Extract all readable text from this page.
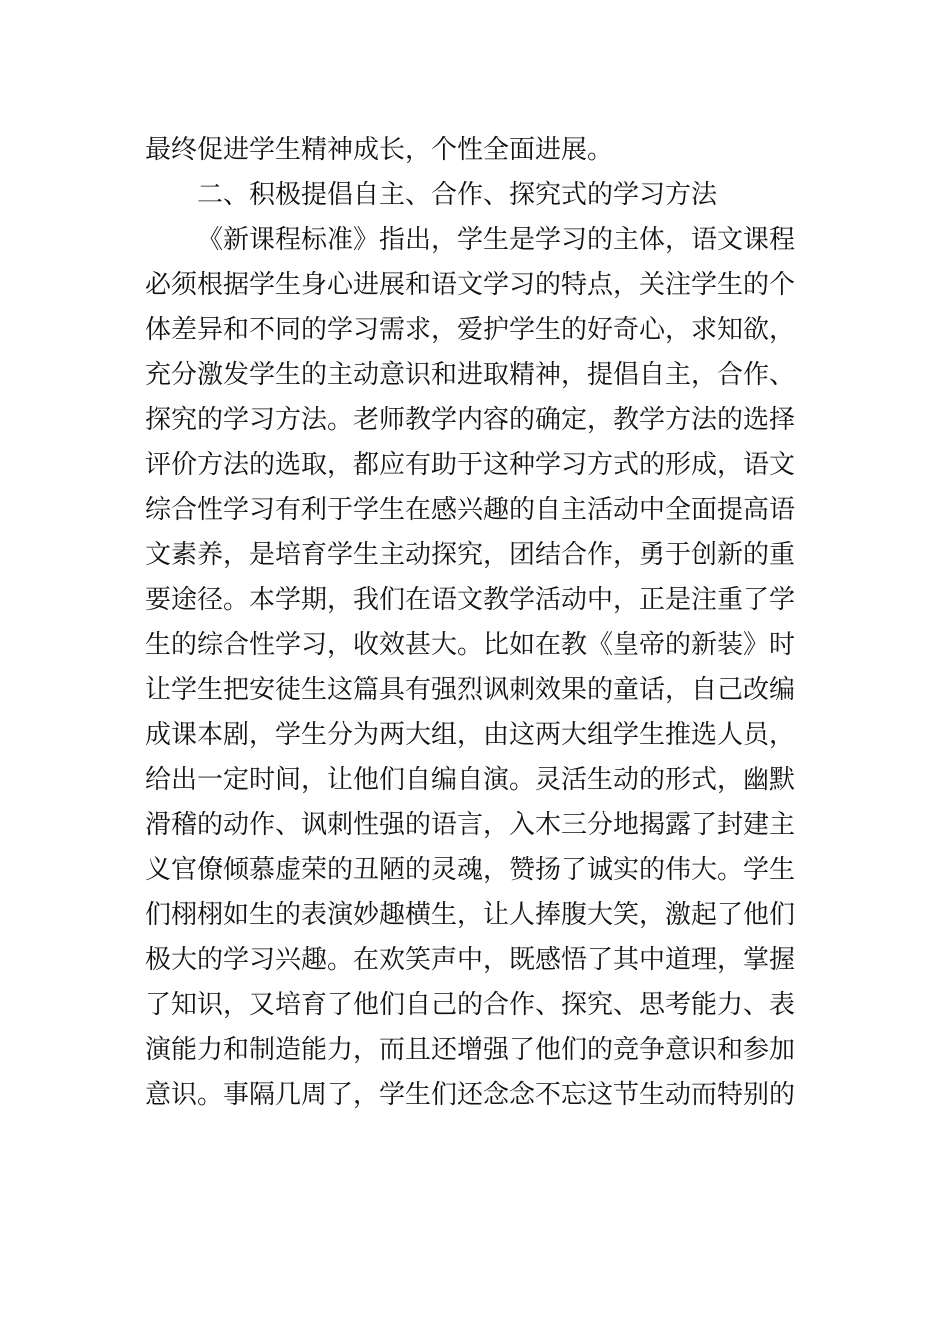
最终促进学生精神成长，个性全面进展。
二、积极提倡自主、合作、探究式的学习方法
《新课程标准》指出，学生是学习的主体，语文课程
必须根据学生身心进展和语文学习的特点，关注学生的个
体差异和不同的学习需求，爱护学生的好奇心，求知欲，
充分激发学生的主动意识和进取精神，提倡自主，合作、
探究的学习方法。老师教学内容的确定，教学方法的选择
评价方法的选取，都应有助于这种学习方式的形成，语文
综合性学习有利于学生在感兴趣的自主活动中全面提高语
文素养，是培育学生主动探究，团结合作，勇于创新的重
要途径。本学期，我们在语文教学活动中，正是注重了学
生的综合性学习，收效甚大。比如在教《皇帝的新装》时
让学生把安徒生这篇具有强烈讽刺效果的童话，自己改编
成课本剧，学生分为两大组，由这两大组学生推选人员，
给出一定时间，让他们自编自演。灵活生动的形式，幽默
滑稽的动作、讽刺性强的语言，入木三分地揭露了封建主
义官僚倾慕虚荣的丑陋的灵魂，赞扬了诚实的伟大。学生
们栩栩如生的表演妙趣横生，让人捧腹大笑，激起了他们
极大的学习兴趣。在欢笑声中，既感悟了其中道理，掌握
了知识，又培育了他们自己的合作、探究、思考能力、表
演能力和制造能力，而且还增强了他们的竞争意识和参加
意识。事隔几周了，学生们还念念不忘这节生动而特别的
